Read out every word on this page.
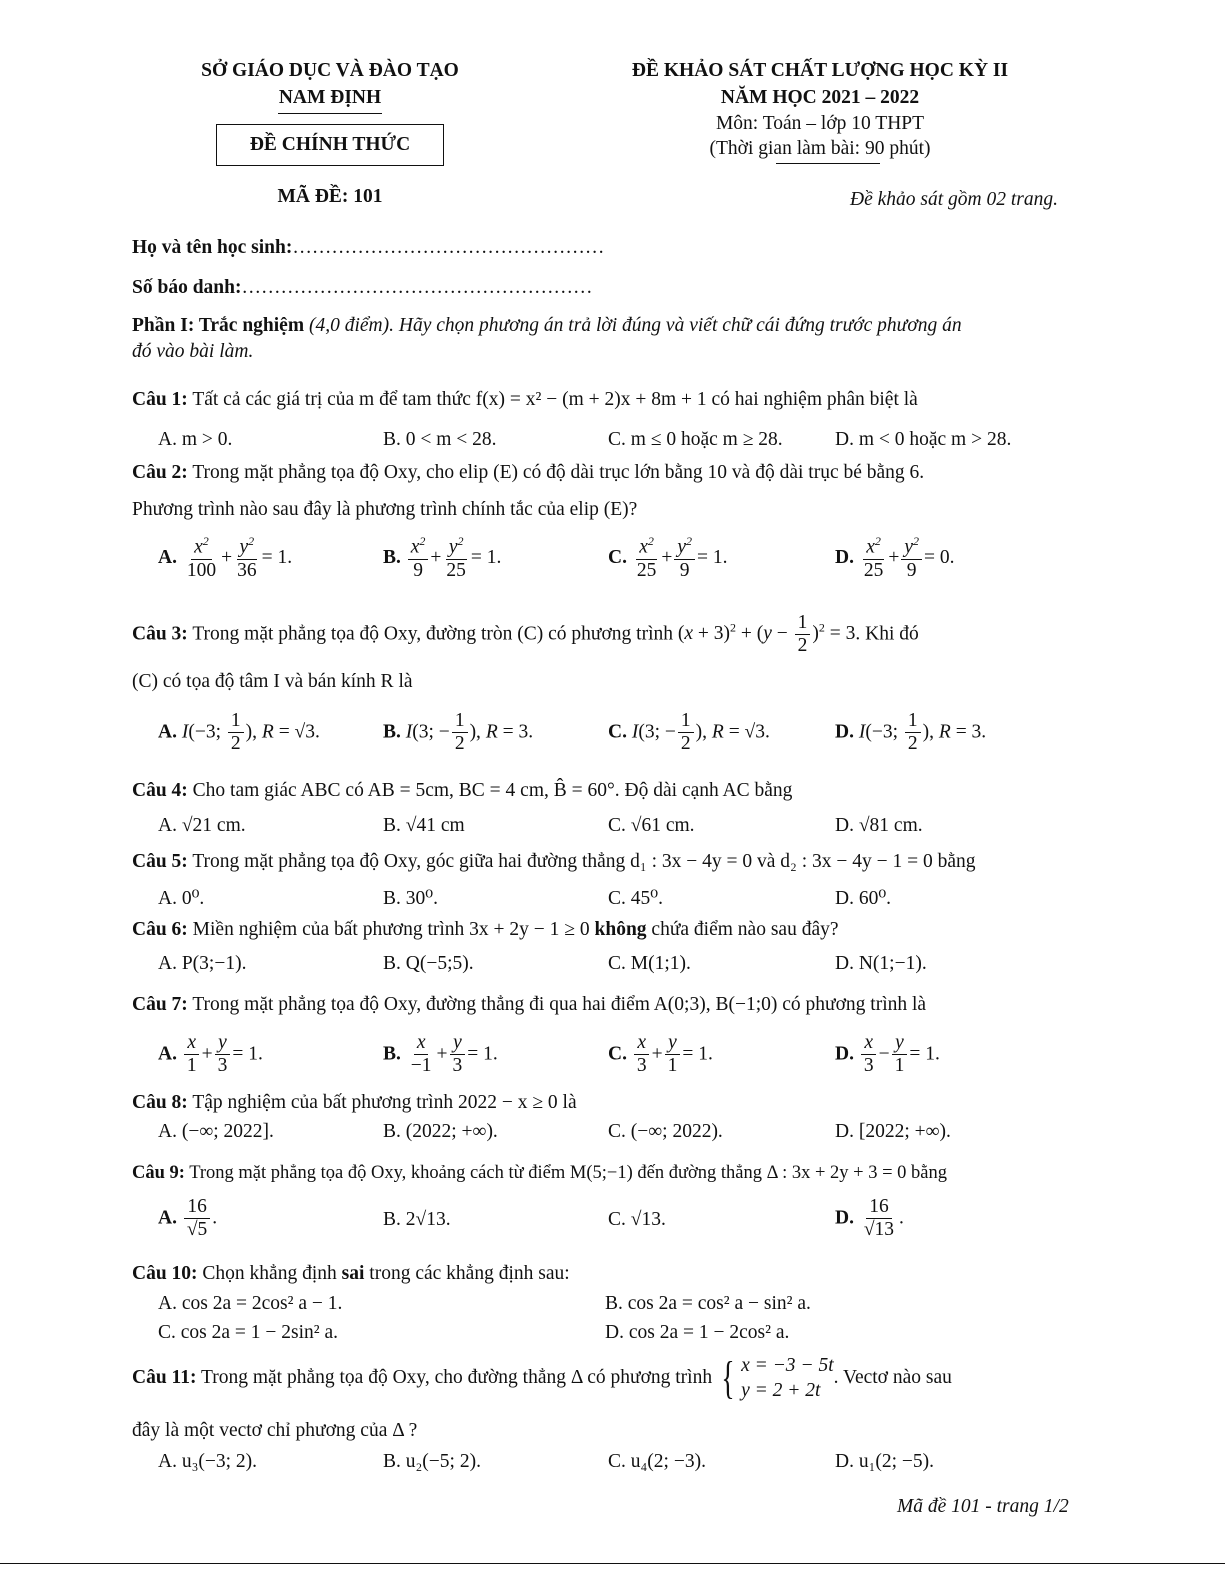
SỞ GIÁO DỤC VÀ ĐÀO TẠO
NAM ĐỊNH
ĐỀ CHÍNH THỨC
MÃ ĐỀ: 101
ĐỀ KHẢO SÁT CHẤT LƯỢNG HỌC KỲ II
NĂM HỌC 2021 – 2022
Môn: Toán – lớp 10 THPT
(Thời gian làm bài: 90 phút)
Đề khảo sát gồm 02 trang.
Họ và tên học sinh:…………………………………………
Số báo danh:………………………………………………
Phần I: Trắc nghiệm (4,0 điểm). Hãy chọn phương án trả lời đúng và viết chữ cái đứng trước phương án
đó vào bài làm.
Câu 1: Tất cả các giá trị của m để tam thức f(x) = x² − (m + 2)x + 8m + 1 có hai nghiệm phân biệt là
A. m > 0.	B. 0 < m < 28.	C. m ≤ 0 hoặc m ≥ 28.	D. m < 0 hoặc m > 28.
Câu 2: Trong mặt phẳng tọa độ Oxy, cho elip (E) có độ dài trục lớn bằng 10 và độ dài trục bé bằng 6.
Phương trình nào sau đây là phương trình chính tắc của elip (E)?
A. $\frac{x^2}{100} + \frac{y^2}{36} = 1$.	B. $\frac{x^2}{9} + \frac{y^2}{25} = 1$.	C. $\frac{x^2}{25} + \frac{y^2}{9} = 1$.	D. $\frac{x^2}{25} + \frac{y^2}{9} = 0$.
Câu 3: Trong mặt phẳng tọa độ Oxy, đường tròn (C) có phương trình $(x + 3)^2 + (y - \frac{1}{2} )^2 = 3$. Khi đó
(C) có tọa độ tâm I và bán kính R là
A. I(−3; $\frac{1}{2}$ ), R = √3.	B. I(3; − $\frac{1}{2}$ ), R = 3.	C. I(3; − $\frac{1}{2}$ ), R = √3.	D. I(−3; $\frac{1}{2}$ ), R = 3.
Câu 4: Cho tam giác ABC có AB = 5cm, BC = 4 cm, B̂ = 60°. Độ dài cạnh AC bằng
A. √21 cm.	B. √41 cm	C. √61 cm.	D. √81 cm.
Câu 5: Trong mặt phẳng tọa độ Oxy, góc giữa hai đường thẳng d₁ : 3x − 4y = 0 và d₂ : 3x − 4y − 1 = 0 bằng
A. 0⁰.	B. 30⁰.	C. 45⁰.	D. 60⁰.
Câu 6: Miền nghiệm của bất phương trình 3x + 2y − 1 ≥ 0 không chứa điểm nào sau đây?
A. P(3;−1).	B. Q(−5;5).	C. M(1;1).	D. N(1;−1).
Câu 7: Trong mặt phẳng tọa độ Oxy, đường thẳng đi qua hai điểm A(0;3), B(−1;0) có phương trình là
A. $\frac{x}{1} + \frac{y}{3} = 1$.	B. $\frac{x}{-1} + \frac{y}{3} = 1$.	C. $\frac{x}{3} + \frac{y}{1} = 1$.	D. $\frac{x}{3} - \frac{y}{1} = 1$.
Câu 8: Tập nghiệm của bất phương trình 2022 − x ≥ 0 là
A. (−∞; 2022].	B. (2022; +∞).	C. (−∞; 2022).	D. [2022; +∞).
Câu 9: Trong mặt phẳng tọa độ Oxy, khoảng cách từ điểm M(5;−1) đến đường thẳng Δ : 3x + 2y + 3 = 0 bằng
A. $\frac{16}{√5}$ .	B. 2√13.	C. √13.	D. $\frac{16}{√13}$ .
Câu 10: Chọn khẳng định sai trong các khẳng định sau:
A. cos 2a = 2cos² a − 1.	B. cos 2a = cos² a − sin² a.
C. cos 2a = 1 − 2sin² a.	D. cos 2a = 1 − 2cos² a.
Câu 11: Trong mặt phẳng tọa độ Oxy, cho đường thẳng Δ có phương trình { x = −3 − 5t
y = 2 + 2t
. Vectơ nào sau
đây là một vectơ chỉ phương của Δ ?
A. u₃(−3; 2).	B. u₂(−5; 2).	C. u₄(2; −3).	D. u₁(2; −5).
Mã đề 101 - trang 1/2
